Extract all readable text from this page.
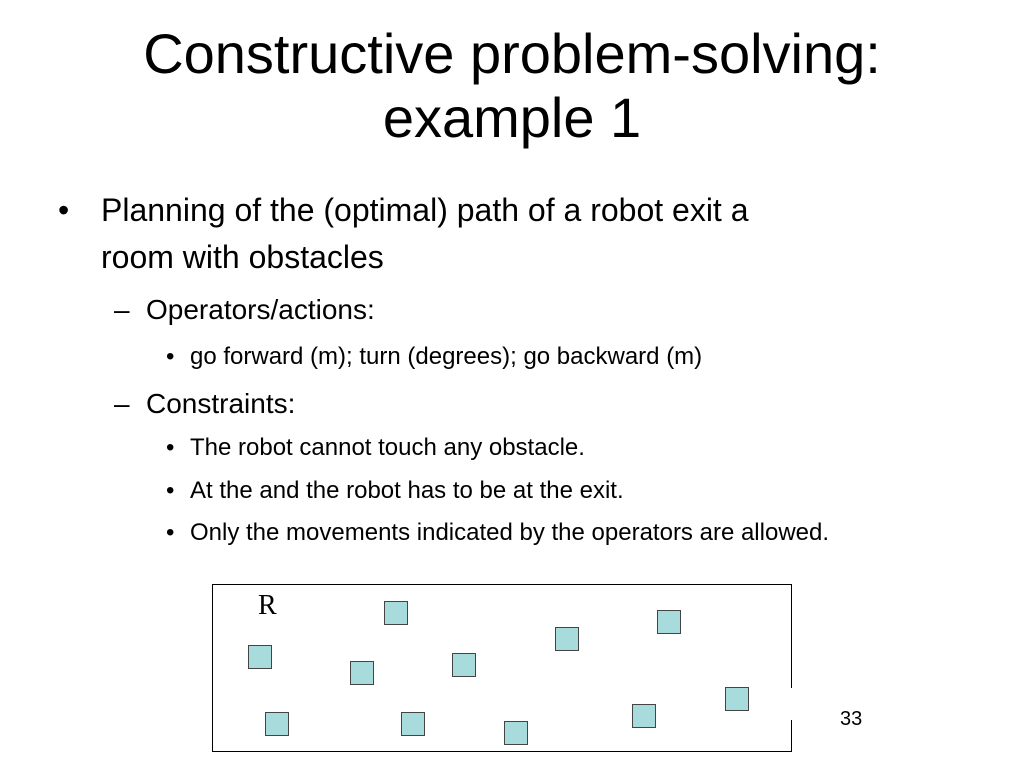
Constructive problem-solving:
example 1
• Planning of the (optimal) path of a robot exit a
room with obstacles
– Operators/actions:
• go forward (m); turn (degrees); go backward (m)
– Constraints:
• The robot cannot touch any obstacle.
• At the and the robot has to be at the exit.
• Only the movements indicated by the operators are allowed.
R
33
